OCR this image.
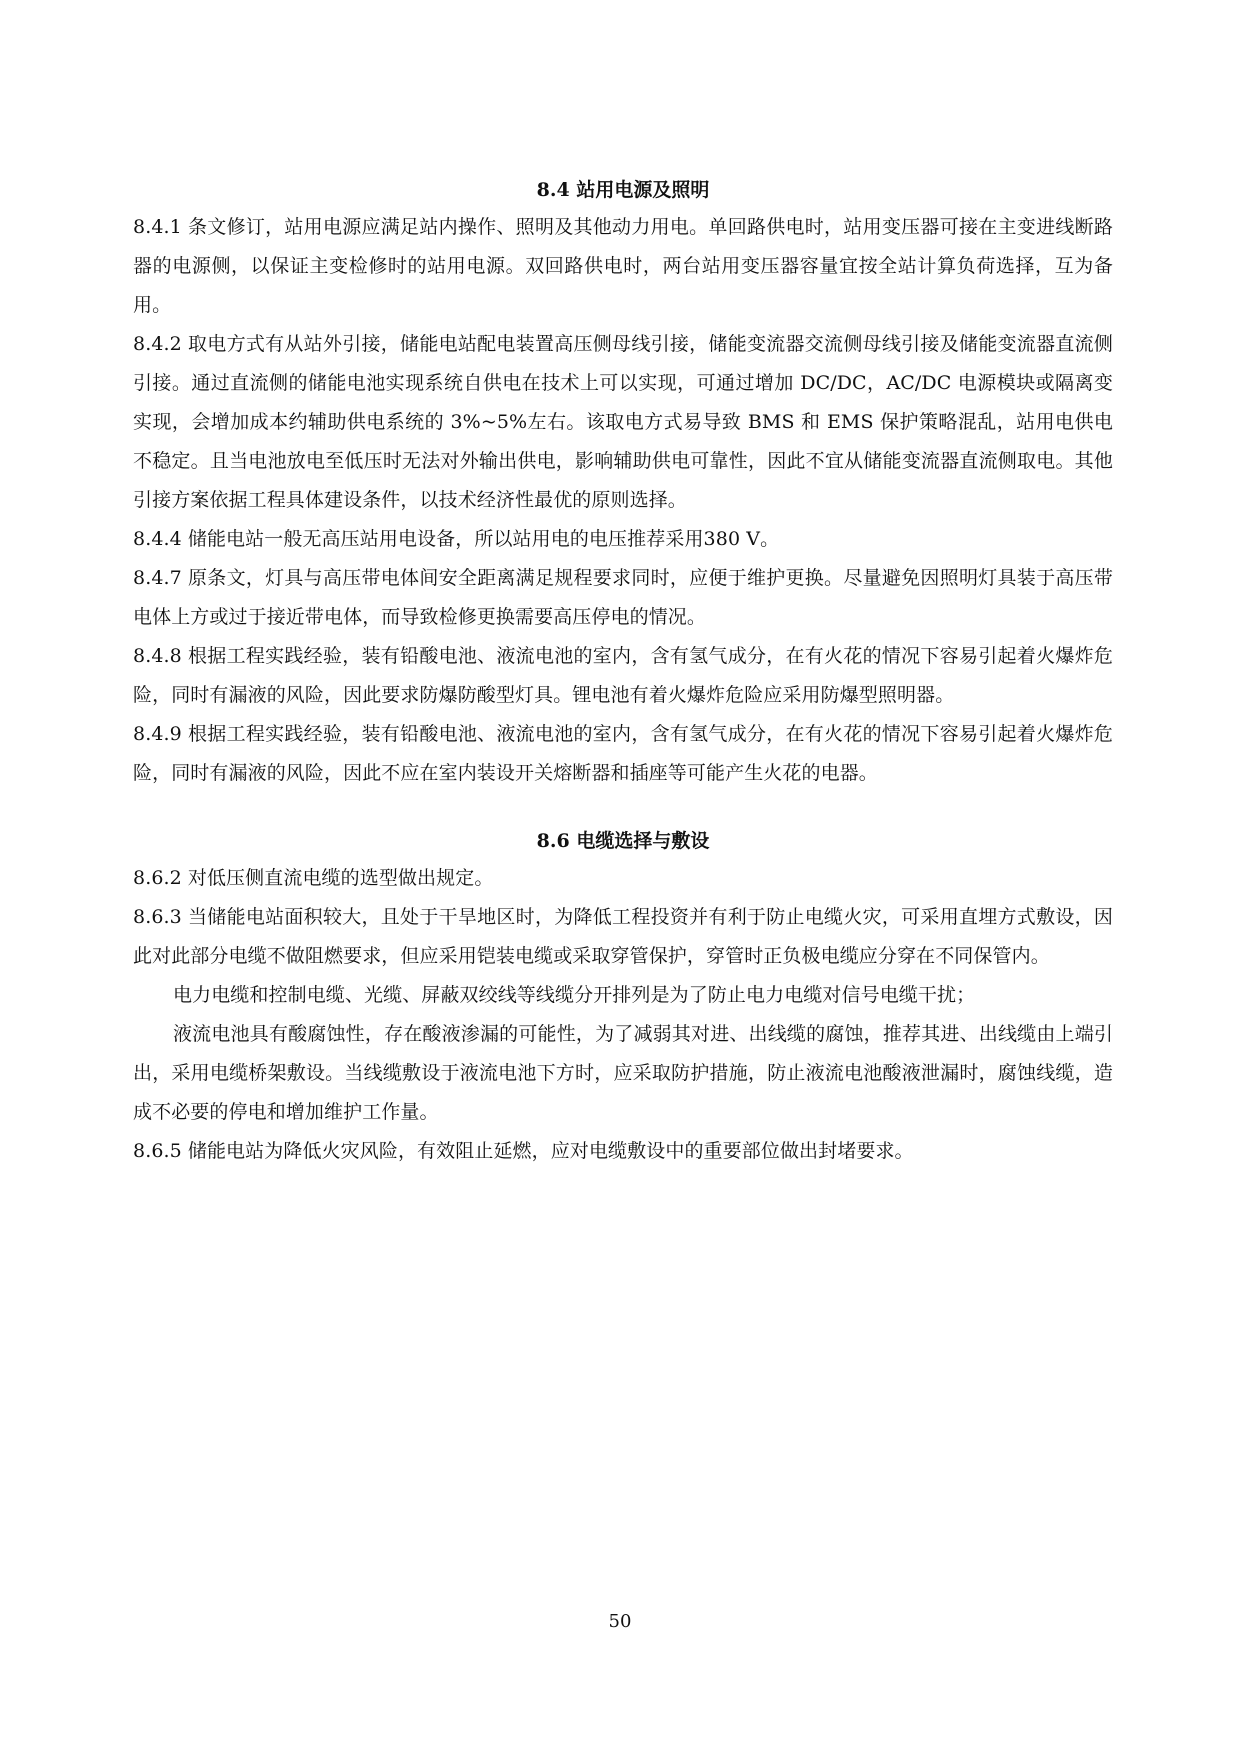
8.4 站用电源及照明

8.4.1 条文修订，站用电源应满足站内操作、照明及其他动力用电。单回路供电时，站用变压器可接在主变进线断路器的电源侧，以保证主变检修时的站用电源。双回路供电时，两台站用变压器容量宜按全站计算负荷选择，互为备用。

8.4.2 取电方式有从站外引接，储能电站配电装置高压侧母线引接，储能变流器交流侧母线引接及储能变流器直流侧引接。通过直流侧的储能电池实现系统自供电在技术上可以实现，可通过增加 DC/DC，AC/DC 电源模块或隔离变实现，会增加成本约辅助供电系统的 3%~5%左右。该取电方式易导致 BMS 和 EMS 保护策略混乱，站用电供电不稳定。且当电池放电至低压时无法对外输出供电，影响辅助供电可靠性，因此不宜从储能变流器直流侧取电。其他引接方案依据工程具体建设条件，以技术经济性最优的原则选择。

8.4.4 储能电站一般无高压站用电设备，所以站用电的电压推荐采用380 V。

8.4.7 原条文，灯具与高压带电体间安全距离满足规程要求同时，应便于维护更换。尽量避免因照明灯具装于高压带电体上方或过于接近带电体，而导致检修更换需要高压停电的情况。

8.4.8 根据工程实践经验，装有铅酸电池、液流电池的室内，含有氢气成分，在有火花的情况下容易引起着火爆炸危险，同时有漏液的风险，因此要求防爆防酸型灯具。锂电池有着火爆炸危险应采用防爆型照明器。

8.4.9 根据工程实践经验，装有铅酸电池、液流电池的室内，含有氢气成分，在有火花的情况下容易引起着火爆炸危险，同时有漏液的风险，因此不应在室内装设开关熔断器和插座等可能产生火花的电器。

8.6 电缆选择与敷设

8.6.2 对低压侧直流电缆的选型做出规定。

8.6.3 当储能电站面积较大，且处于干旱地区时，为降低工程投资并有利于防止电缆火灾，可采用直埋方式敷设，因此对此部分电缆不做阻燃要求，但应采用铠装电缆或采取穿管保护，穿管时正负极电缆应分穿在不同保管内。

电力电缆和控制电缆、光缆、屏蔽双绞线等线缆分开排列是为了防止电力电缆对信号电缆干扰；

液流电池具有酸腐蚀性，存在酸液渗漏的可能性，为了减弱其对进、出线缆的腐蚀，推荐其进、出线缆由上端引出，采用电缆桥架敷设。当线缆敷设于液流电池下方时，应采取防护措施，防止液流电池酸液泄漏时，腐蚀线缆，造成不必要的停电和增加维护工作量。

8.6.5 储能电站为降低火灾风险，有效阻止延燃，应对电缆敷设中的重要部位做出封堵要求。

50
